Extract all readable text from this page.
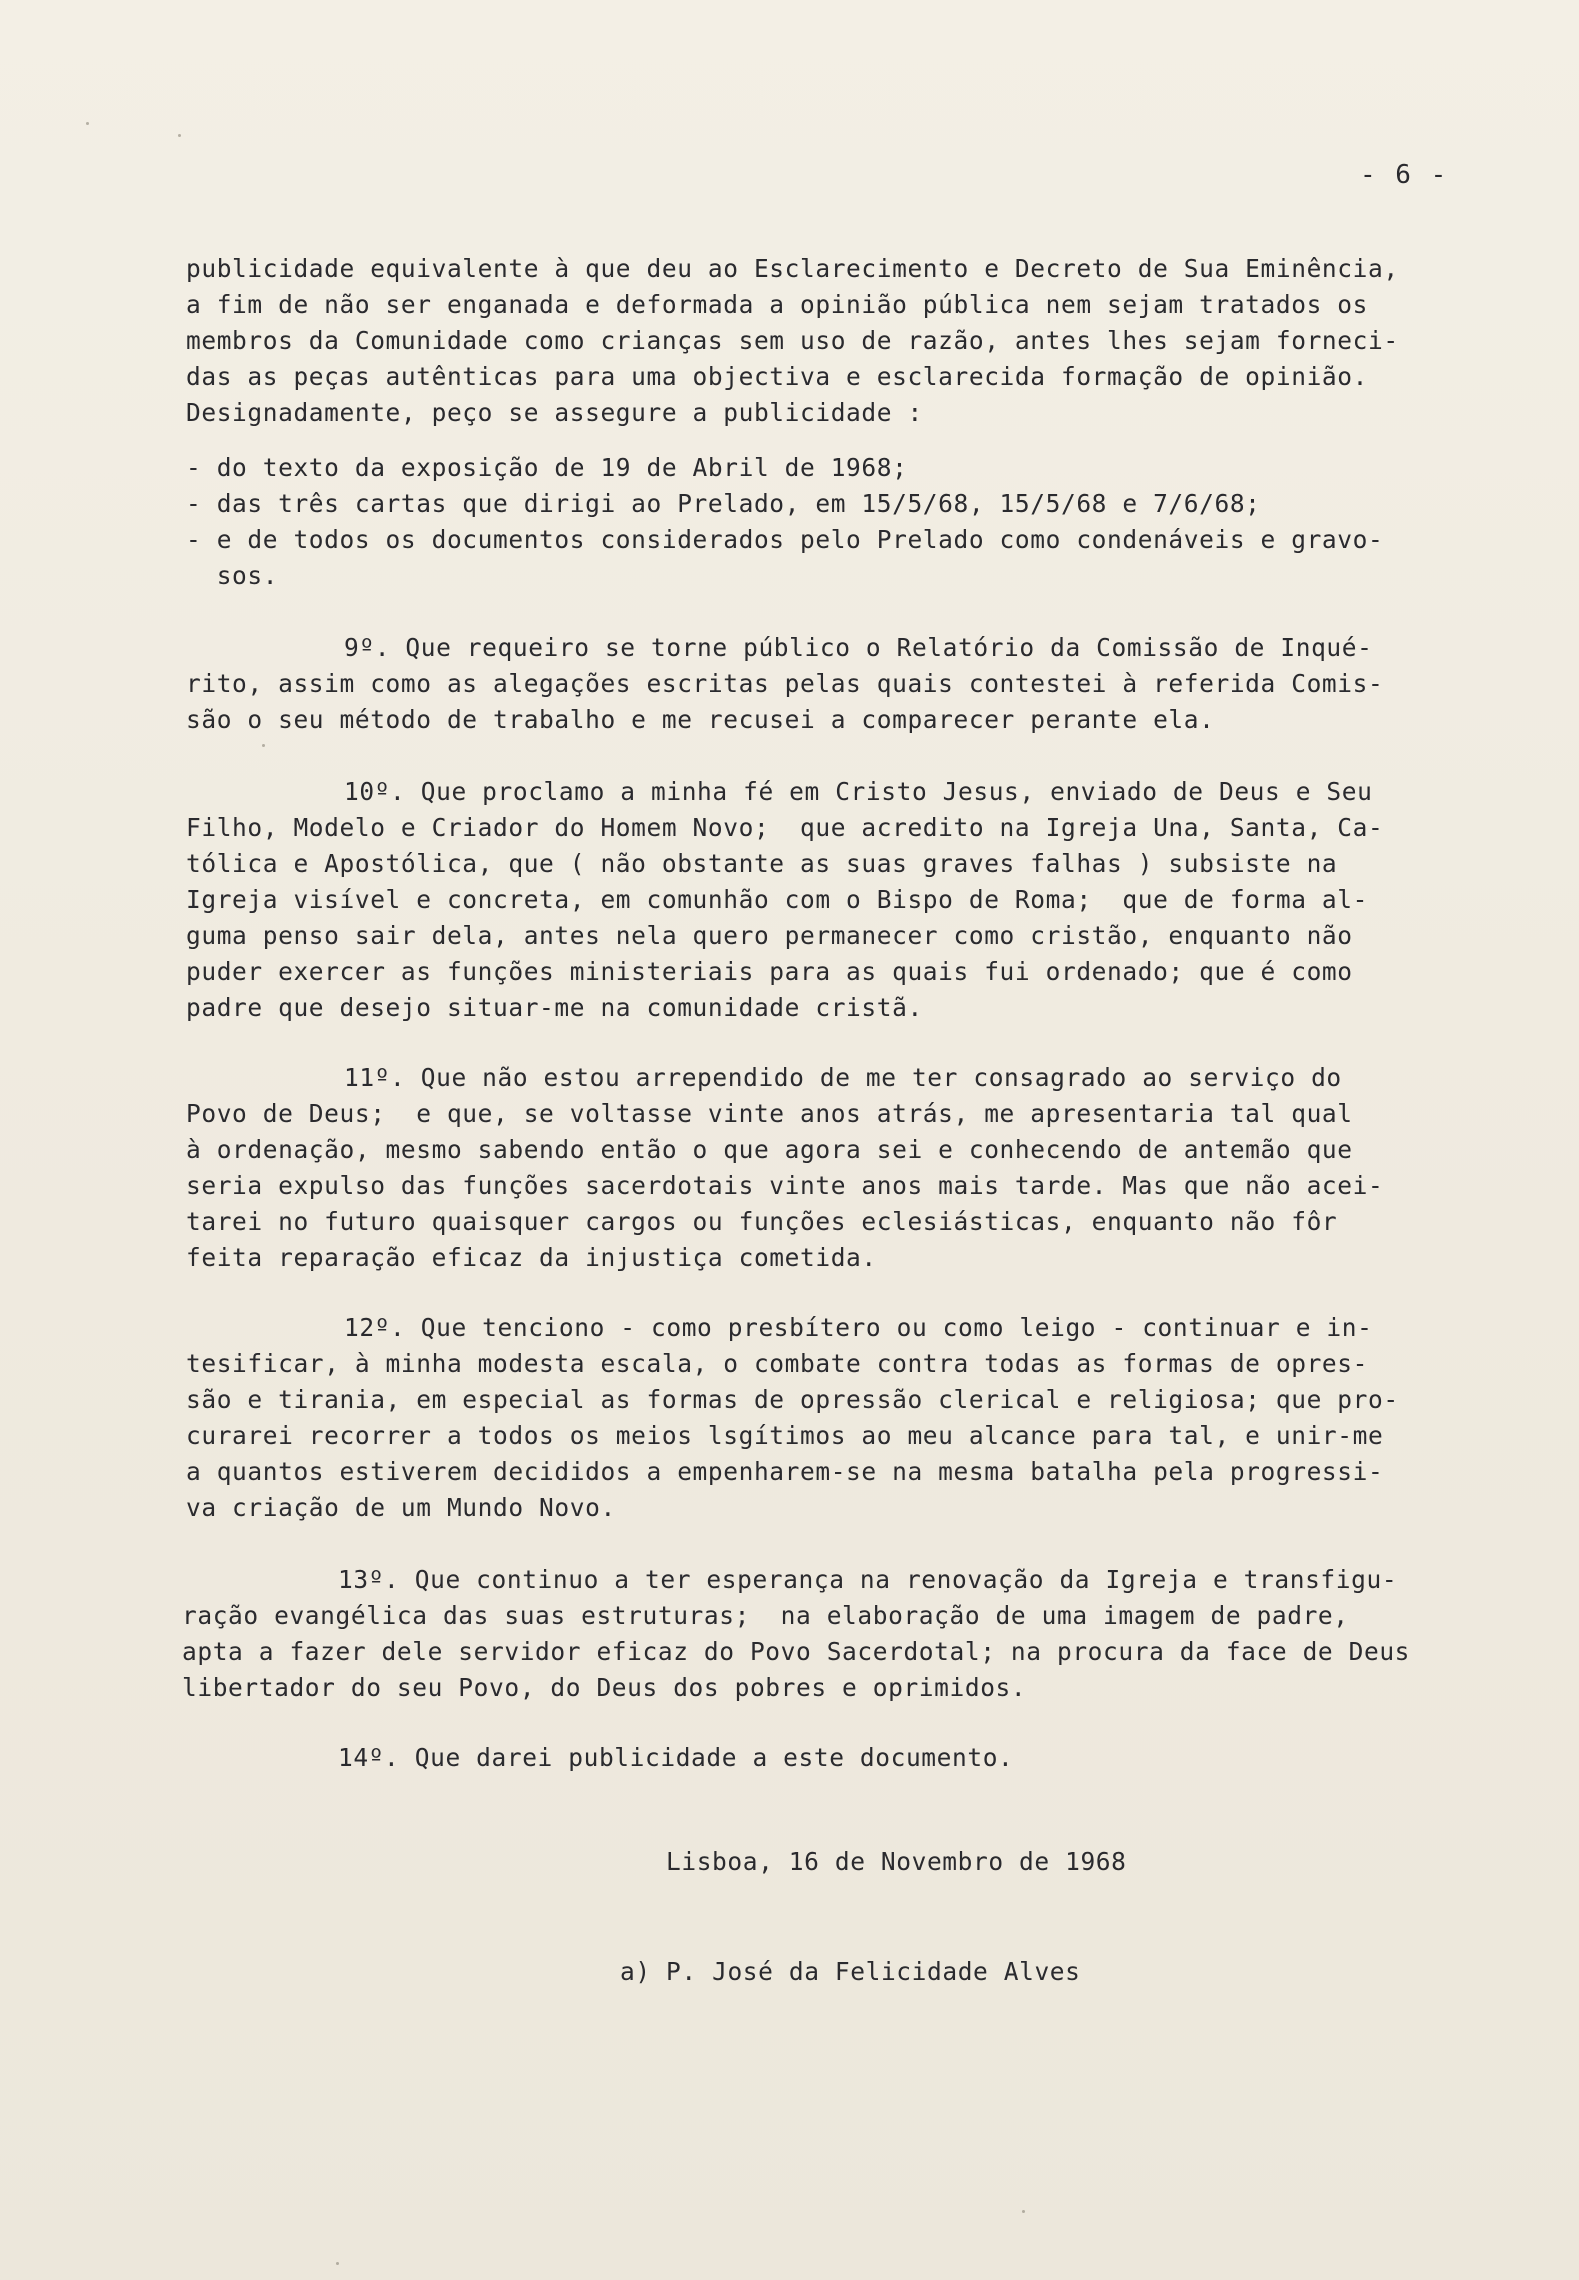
- 6 -
publicidade equivalente à que deu ao Esclarecimento e Decreto de Sua Eminência,
a fim de não ser enganada e deformada a opinião pública nem sejam tratados os
membros da Comunidade como crianças sem uso de razão, antes lhes sejam forneci-
das as peças autênticas para uma objectiva e esclarecida formação de opinião.
Designadamente, peço se assegure a publicidade :
- do texto da exposição de 19 de Abril de 1968;
- das três cartas que dirigi ao Prelado, em 15/5/68, 15/5/68 e 7/6/68;
- e de todos os documentos considerados pelo Prelado como condenáveis e gravo-
sos.
9º. Que requeiro se torne público o Relatório da Comissão de Inqué-
rito, assim como as alegações escritas pelas quais contestei à referida Comis-
são o seu método de trabalho e me recusei a comparecer perante ela.
10º. Que proclamo a minha fé em Cristo Jesus, enviado de Deus e Seu
Filho, Modelo e Criador do Homem Novo;  que acredito na Igreja Una, Santa, Ca-
tólica e Apostólica, que ( não obstante as suas graves falhas ) subsiste na
Igreja visível e concreta, em comunhão com o Bispo de Roma;  que de forma al-
guma penso sair dela, antes nela quero permanecer como cristão, enquanto não
puder exercer as funções ministeriais para as quais fui ordenado; que é como
padre que desejo situar-me na comunidade cristã.
11º. Que não estou arrependido de me ter consagrado ao serviço do
Povo de Deus;  e que, se voltasse vinte anos atrás, me apresentaria tal qual
à ordenação, mesmo sabendo então o que agora sei e conhecendo de antemão que
seria expulso das funções sacerdotais vinte anos mais tarde. Mas que não acei-
tarei no futuro quaisquer cargos ou funções eclesiásticas, enquanto não fôr
feita reparação eficaz da injustiça cometida.
12º. Que tenciono - como presbítero ou como leigo - continuar e in-
tesificar, à minha modesta escala, o combate contra todas as formas de opres-
são e tirania, em especial as formas de opressão clerical e religiosa; que pro-
curarei recorrer a todos os meios lsgítimos ao meu alcance para tal, e unir-me
a quantos estiverem decididos a empenharem-se na mesma batalha pela progressi-
va criação de um Mundo Novo.
13º. Que continuo a ter esperança na renovação da Igreja e transfigu-
ração evangélica das suas estruturas;  na elaboração de uma imagem de padre,
apta a fazer dele servidor eficaz do Povo Sacerdotal; na procura da face de Deus
libertador do seu Povo, do Deus dos pobres e oprimidos.
14º. Que darei publicidade a este documento.
Lisboa, 16 de Novembro de 1968
a) P. José da Felicidade Alves
